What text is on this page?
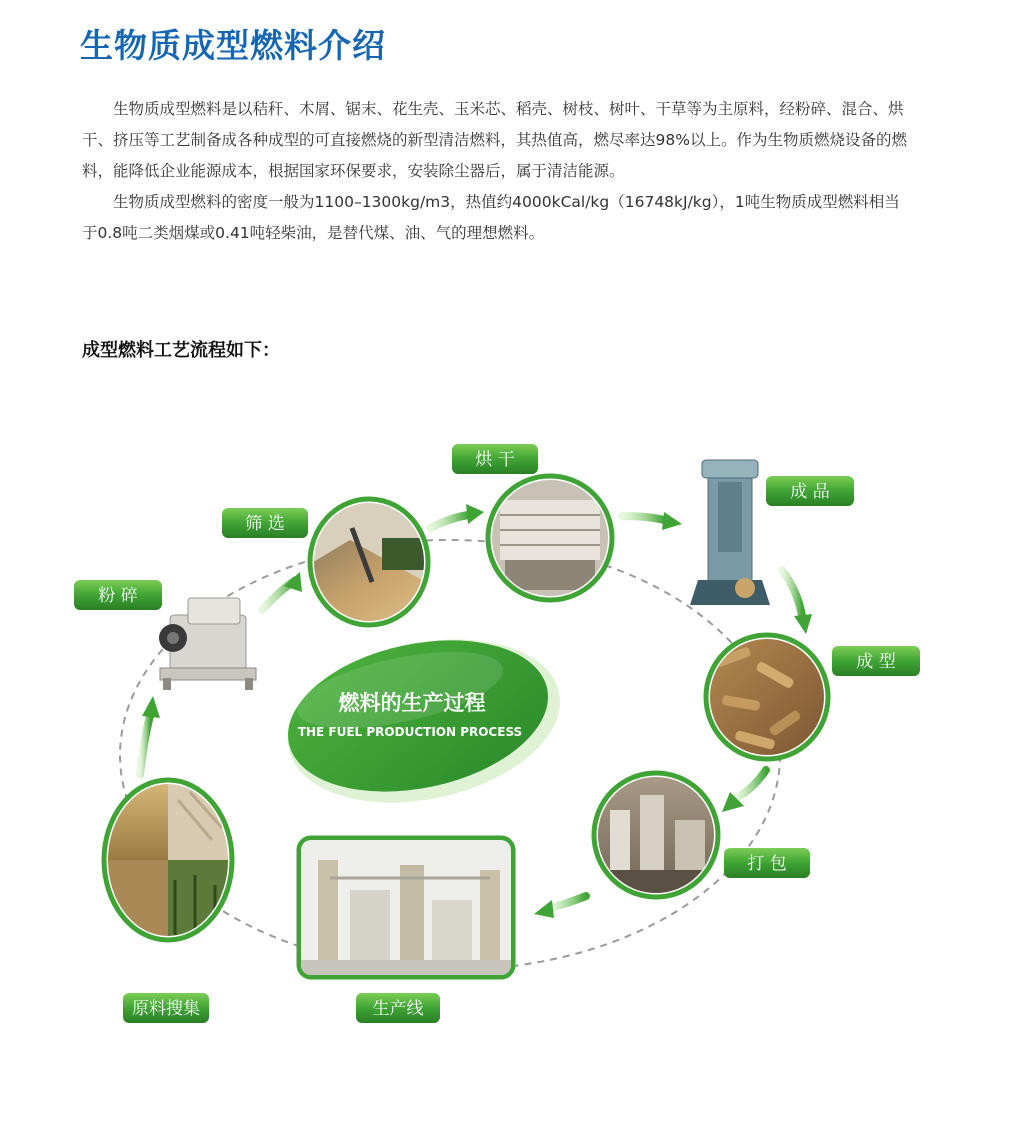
生物质成型燃料介绍

生物质成型燃料是以秸秆、木屑、锯末、花生壳、玉米芯、稻壳、树枝、树叶、干草等为主原料，经粉碎、混合、烘干、挤压等工艺制备成各种成型的可直接燃烧的新型清洁燃料，其热值高，燃尽率达98%以上。作为生物质燃烧设备的燃料，能降低企业能源成本，根据国家环保要求，安装除尘器后，属于清洁能源。

生物质成型燃料的密度一般为1100–1300kg/m3，热值约4000kCal/kg（16748kJ/kg），1吨生物质成型燃料相当于0.8吨二类烟煤或0.41吨轻柴油，是替代煤、油、气的理想燃料。

成型燃料工艺流程如下：
燃料的生产过程
THE FUEL PRODUCTION PROCESS
粉 碎
筛 选
烘 干
成 品
成 型
打 包
生产线
原料搜集
